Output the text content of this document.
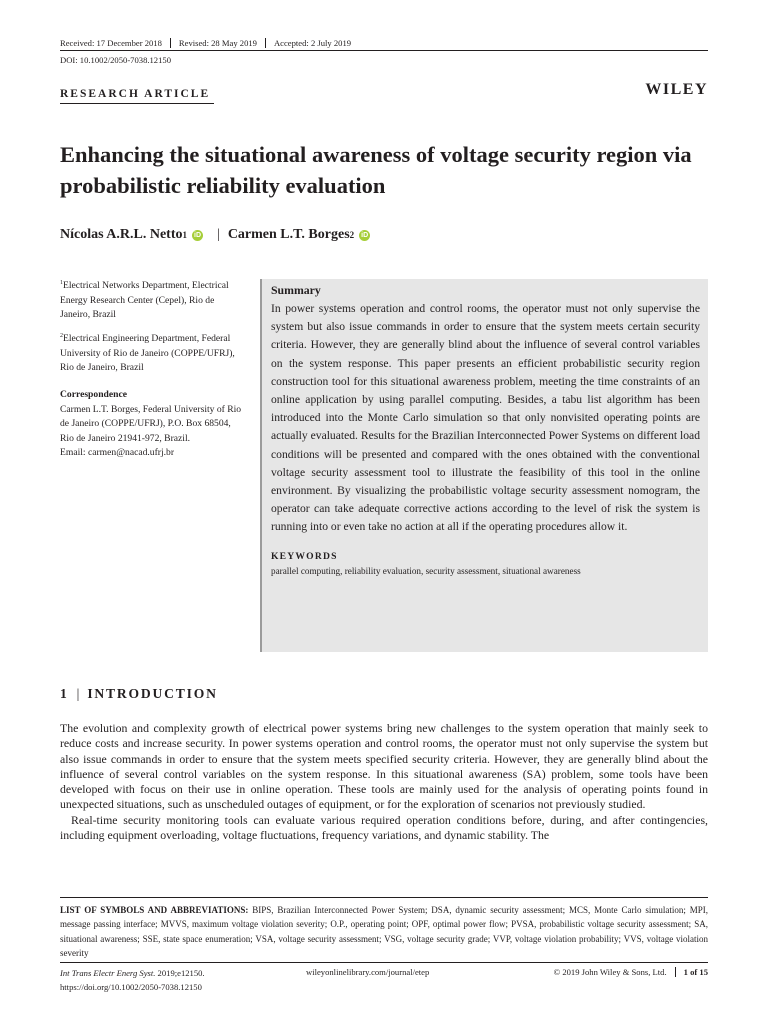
Received: 17 December 2018	Revised: 28 May 2019	Accepted: 2 July 2019
DOI: 10.1002/2050-7038.12150
RESEARCH ARTICLE	WILEY
Enhancing the situational awareness of voltage security region via probabilistic reliability evaluation
Nícolas A.R.L. Netto 1 iD | Carmen L.T. Borges 2 iD
$^1$Electrical Networks Department, Electrical Energy Research Center (Cepel), Rio de Janeiro, Brazil
$^2$Electrical Engineering Department, Federal University of Rio de Janeiro (COPPE/UFRJ), Rio de Janeiro, Brazil
Correspondence
Carmen L.T. Borges, Federal University of Rio de Janeiro (COPPE/UFRJ), P.O. Box 68504, Rio de Janeiro 21941-972, Brazil.
Email: carmen@nacad.ufrj.br
Summary
In power systems operation and control rooms, the operator must not only supervise the system but also issue commands in order to ensure that the system meets certain security criteria. However, they are generally blind about the influence of several control variables on the system response. This paper presents an efficient probabilistic security region construction tool for this situational awareness problem, meeting the time constraints of an online application by using parallel computing. Besides, a tabu list algorithm has been introduced into the Monte Carlo simulation so that only nonvisited operating points are actually evaluated. Results for the Brazilian Interconnected Power Systems on different load conditions will be presented and compared with the ones obtained with the conventional voltage security assessment tool to illustrate the feasibility of this tool in the online environment. By visualizing the probabilistic voltage security assessment nomogram, the operator can take adequate corrective actions according to the level of risk the system is running into or even take no action at all if the operating procedures allow it.
KEYWORDS
parallel computing, reliability evaluation, security assessment, situational awareness
1 | INTRODUCTION

The evolution and complexity growth of electrical power systems bring new challenges to the system operation that mainly seek to reduce costs and increase security. In power systems operation and control rooms, the operator must not only supervise the system but also issue commands in order to ensure that the system meets specified security criteria. However, they are generally blind about the influence of several control variables on the system response. In this situational awareness (SA) problem, some tools have been developed with focus on their use in online operation. These tools are mainly used for the analysis of operating points found in unexpected situations, such as unscheduled outages of equipment, or for the exploration of scenarios not previously studied.

Real-time security monitoring tools can evaluate various required operation conditions before, during, and after contingencies, including equipment overloading, voltage fluctuations, frequency variations, and dynamic stability. The

LIST OF SYMBOLS AND ABBREVIATIONS: BIPS, Brazilian Interconnected Power System; DSA, dynamic security assessment; MCS, Monte Carlo simulation; MPI, message passing interface; MVVS, maximum voltage violation severity; O.P., operating point; OPF, optimal power flow; PVSA, probabilistic voltage security assessment; SA, situational awareness; SSE, state space enumeration; VSA, voltage security assessment; VSG, voltage security grade; VVP, voltage violation probability; VVS, voltage violation severity
Int Trans Electr Energ Syst. 2019;e12150.
https://doi.org/10.1002/2050-7038.12150
wileyonlinelibrary.com/journal/etep	© 2019 John Wiley & Sons, Ltd.	1 of 15
